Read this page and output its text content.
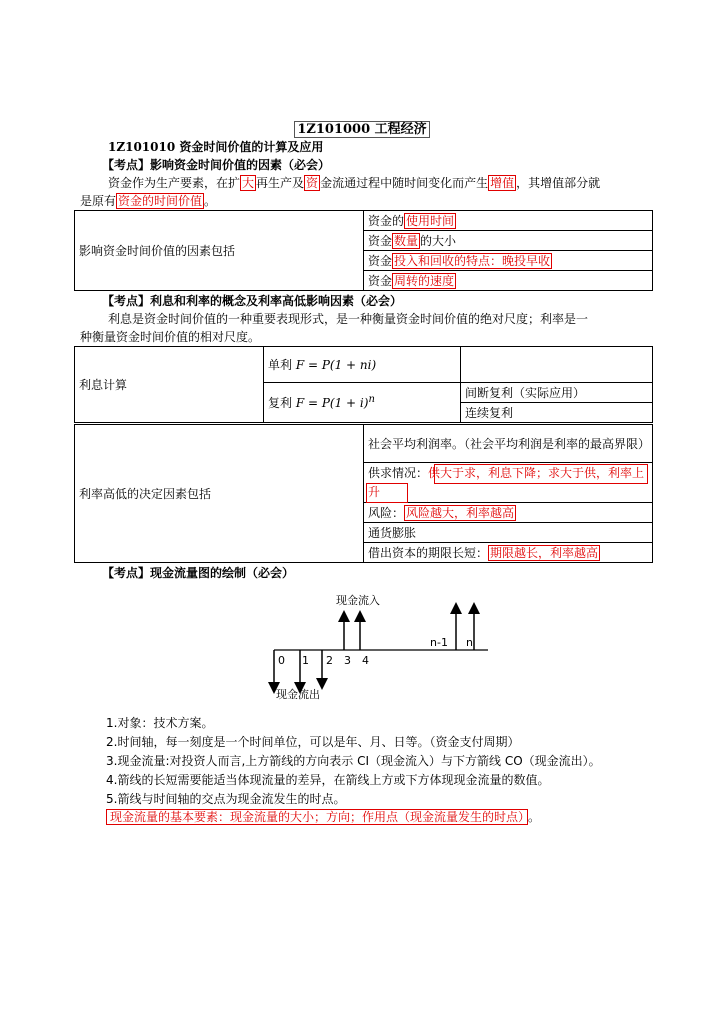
1Z101000 工程经济
1Z101010 资金时间价值的计算及应用
【考点】影响资金时间价值的因素（必会）
资金作为生产要素，在扩 大 再生产及 资 金流通过程中随时间变化而产生 增值 ，其增值部分就
是原有 资金的时间价值 。
影响资金时间价值的因素包括	资金的 使用时间
资金 数量 的大小
资金 投入和回收的特点：晚投早收
资金 周转的速度
【考点】利息和利率的概念及利率高低影响因素（必会）
利息是资金时间价值的一种重要表现形式，是一种衡量资金时间价值的绝对尺度；利率是一
种衡量资金时间价值的相对尺度。
利息计算	单利 F = P(1 + ni)	
	复利 $F = P(1 + i)^n$	间断复利（实际应用）
		连续复利
利率高低的决定因素包括	社会平均利润率。（社会平均利润是利率的最高界限）

供求情况：供大于求，利息下降；求大于供，利率上升

风险： 风险越大，利率越高
通货膨胀
借出资本的期限长短： 期限越长，利率越高
【考点】现金流量图的绘制（必会）
现金流入
现金流出
0 1 2 3 4
n-1 n
1.对象：技术方案。
2.时间轴，每一刻度是一个时间单位，可以是年、月、日等。（资金支付周期）
3.现金流量:对投资人而言,上方箭线的方向表示 CI（现金流入）与下方箭线 CO（现金流出）。
4.箭线的长短需要能适当体现流量的差异，在箭线上方或下方体现现金流量的数值。
5.箭线与时间轴的交点为现金流发生的时点。
现金流量的基本要素：现金流量的大小；方向；作用点（现金流量发生的时点） 。
